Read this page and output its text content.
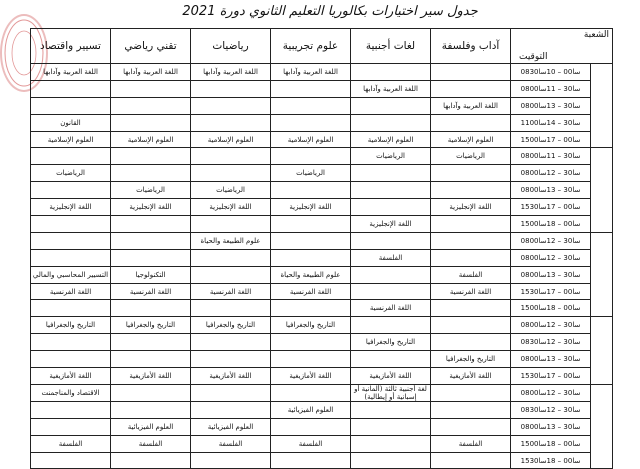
جدول سير اختيارات بكالوريا التعليم الثانوي دورة 2021
الشعبة
التوقيت		آداب وفلسفة	لغات أجنبية	علوم تجريبية	رياضيات	تقني رياضي	تسيير واقتصاد

	08سا00 – 10سا30			اللغة العربية وآدابها	اللغة العربية وآدابها	اللغة العربية وآدابها	اللغة العربية وآدابها
	08سا30 – 11سا00		اللغة العربية وآدابها				
	08سا30 – 13سا00	اللغة العربية وآدابها					
	11سا30 – 14سا00						القانون
	15سا00 – 17سا00	العلوم الإسلامية	العلوم الإسلامية	العلوم الإسلامية	العلوم الإسلامية	العلوم الإسلامية	العلوم الإسلامية

	08سا30 – 11سا00	الرياضيات	الرياضيات				
	08سا30 – 12سا00			الرياضيات			الرياضيات
	08سا30 – 13سا00				الرياضيات	الرياضيات	
	15سا00 – 17سا30	اللغة الإنجليزية		اللغة الإنجليزية	اللغة الإنجليزية	اللغة الإنجليزية	اللغة الإنجليزية
	15سا00 – 18سا00		اللغة الإنجليزية				

	08سا30 – 12سا00				علوم الطبيعة والحياة		
	08سا30 – 12سا00		الفلسفة				
	08سا30 – 13سا00	الفلسفة		علوم الطبيعة والحياة		التكنولوجيا	التسيير المحاسبي والمالي
	15سا00 – 17سا30	اللغة الفرنسية		اللغة الفرنسية	اللغة الفرنسية	اللغة الفرنسية	اللغة الفرنسية
	15سا00 – 18سا00		اللغة الفرنسية				

	08سا30 – 12سا00			التاريخ والجغرافيا	التاريخ والجغرافيا	التاريخ والجغرافيا	التاريخ والجغرافيا
	08سا30 – 12سا30		التاريخ والجغرافيا				
	08سا30 – 13سا00	التاريخ والجغرافيا					
	15سا00 – 17سا30	اللغة الأمازيغية	اللغة الأمازيغية	اللغة الأمازيغية	اللغة الأمازيغية	اللغة الأمازيغية	اللغة الأمازيغية

	08سا30 – 12سا00		لغة أجنبية ثالثة (ألمانية أو إسبانية أو إيطالية)				الاقتصاد والمناجمنت
	08سا30 – 12سا30			العلوم الفيزيائية			
	08سا30 – 13سا00				العلوم الفيزيائية	العلوم الفيزيائية	
	15سا00 – 18سا00	الفلسفة		الفلسفة	الفلسفة	الفلسفة	الفلسفة
	15سا00 – 18سا30						
